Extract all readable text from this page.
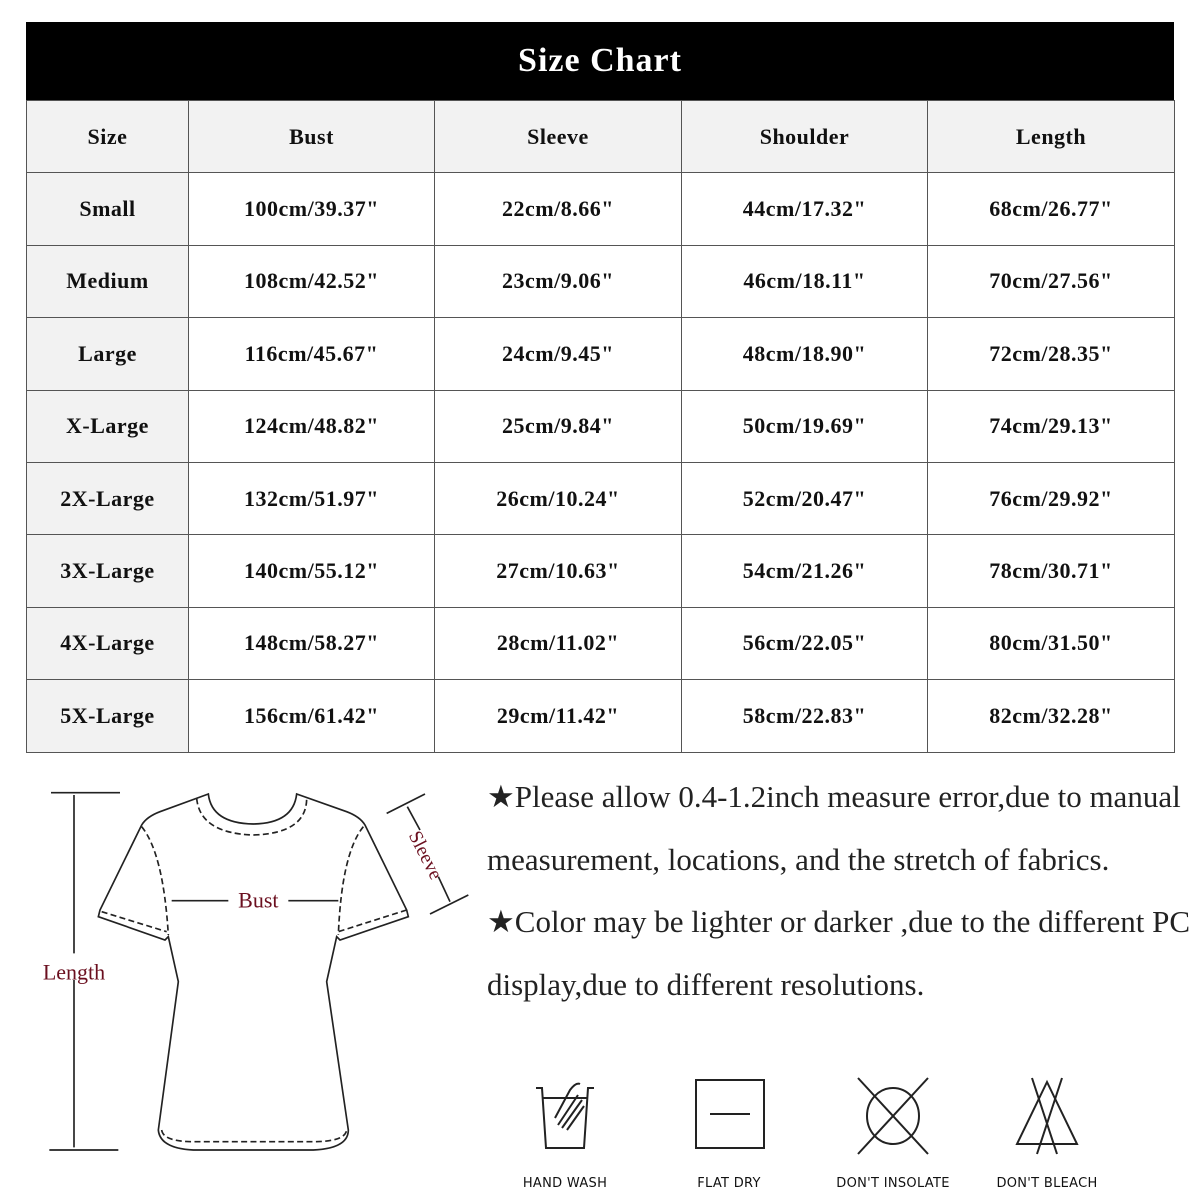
Size Chart
Size	Bust	Sleeve	Shoulder	Length
Small	100cm/39.37"	22cm/8.66"	44cm/17.32"	68cm/26.77"
Medium	108cm/42.52"	23cm/9.06"	46cm/18.11"	70cm/27.56"
Large	116cm/45.67"	24cm/9.45"	48cm/18.90"	72cm/28.35"
X-Large	124cm/48.82"	25cm/9.84"	50cm/19.69"	74cm/29.13"
2X-Large	132cm/51.97"	26cm/10.24"	52cm/20.47"	76cm/29.92"
3X-Large	140cm/55.12"	27cm/10.63"	54cm/21.26"	78cm/30.71"
4X-Large	148cm/58.27"	28cm/11.02"	56cm/22.05"	80cm/31.50"
5X-Large	156cm/61.42"	29cm/11.42"	58cm/22.83"	82cm/32.28"
Length
Bust
Sleeve
★Please allow 0.4-1.2inch measure error,due to manual measurement, locations, and the stretch of fabrics.
★Color may be lighter or darker ,due to the different PC display,due to different resolutions.
HAND WASH	FLAT DRY	DON'T INSOLATE	DON'T BLEACH
